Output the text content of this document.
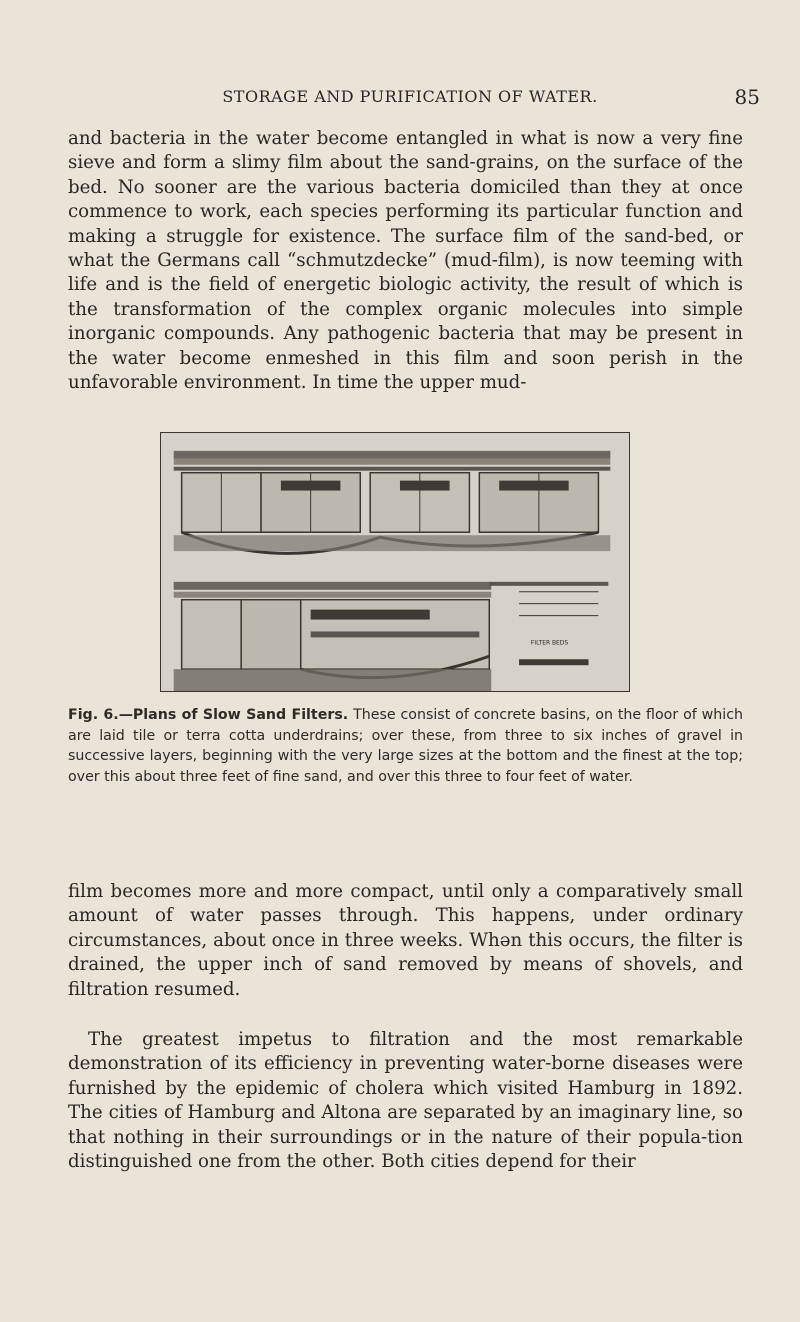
STORAGE AND PURIFICATION OF WATER.	85

and bacteria in the water become entangled in what is now a very fine sieve and form a slimy film about the sand-grains, on the surface of the bed. No sooner are the various bacteria domiciled than they at once commence to work, each species performing its particular function and making a struggle for existence. The surface film of the sand-bed, or what the Germans call “schmutzdecke” (mud-film), is now teeming with life and is the field of energetic biologic activity, the result of which is the transformation of the complex organic molecules into simple inorganic compounds. Any pathogenic bacteria that may be present in the water become enmeshed in this film and soon perish in the unfavorable environment. In time the upper mud-

FILTER BEDS

Fig. 6.—Plans of Slow Sand Filters. These consist of concrete basins, on the floor of which are laid tile or terra cotta underdrains; over these, from three to six inches of gravel in successive layers, beginning with the very large sizes at the bottom and the finest at the top; over this about three feet of fine sand, and over this three to four feet of water.

film becomes more and more compact, until only a comparatively small amount of water passes through. This happens, under ordinary circumstances, about once in three weeks. Whən this occurs, the filter is drained, the upper inch of sand removed by means of shovels, and filtration resumed.

The greatest impetus to filtration and the most remarkable demonstration of its efficiency in preventing water-borne diseases were furnished by the epidemic of cholera which visited Hamburg in 1892. The cities of Hamburg and Altona are separated by an imaginary line, so that nothing in their surroundings or in the nature of their popula-tion distinguished one from the other. Both cities depend for their
